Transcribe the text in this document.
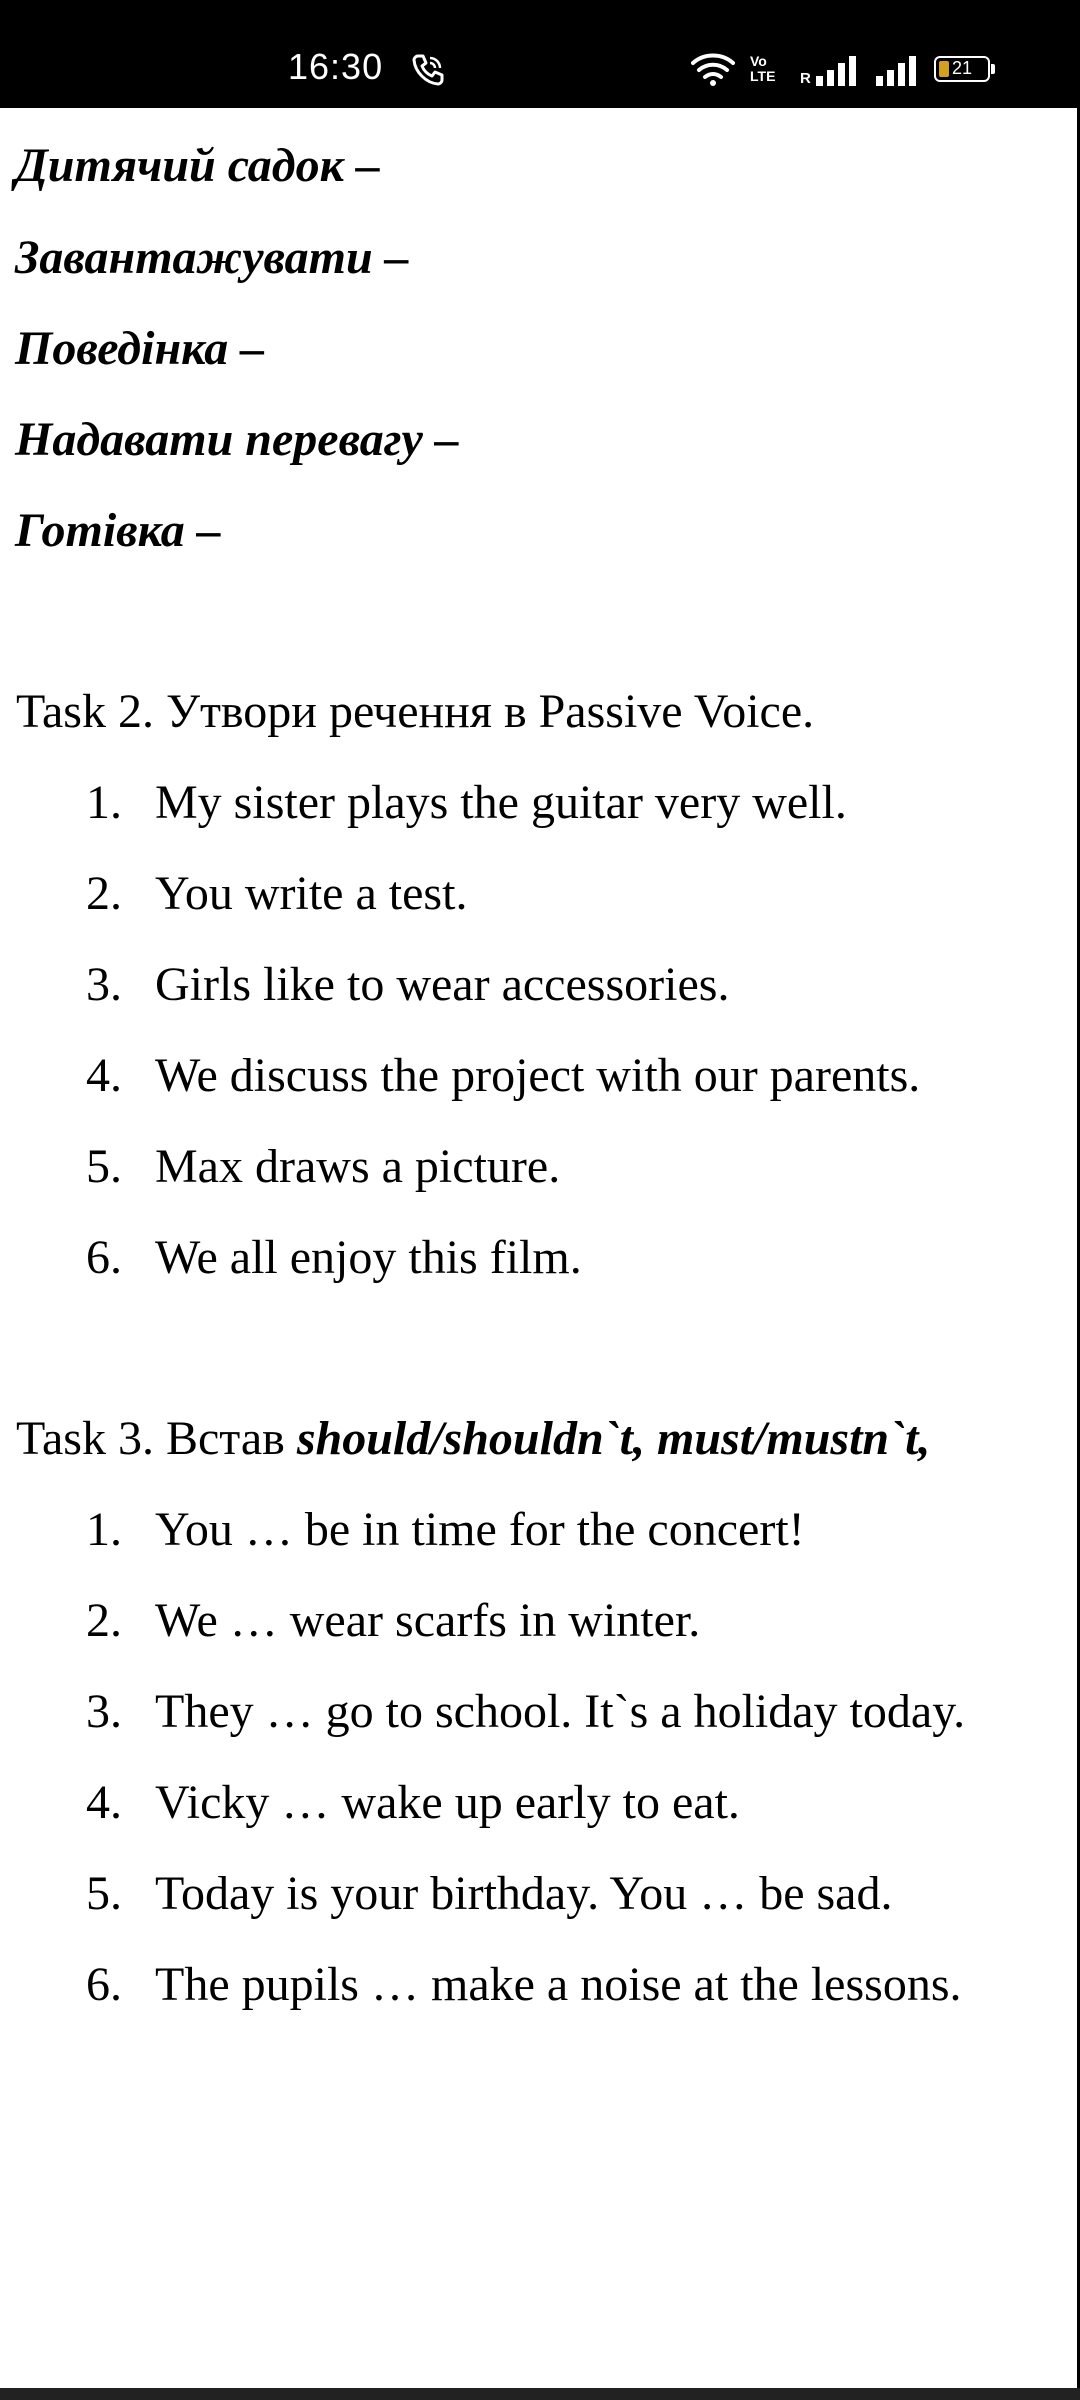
16:30	Vo
LTE R
21
Дитячий садок –
Завантажувати –
Поведінка –
Надавати перевагу –
Готівка –
Task 2. Утвори речення в Passive Voice.
1. My sister plays the guitar very well.
2. You write a test.
3. Girls like to wear accessories.
4. We discuss the project with our parents.
5. Max draws a picture.
6. We all enjoy this film.
Task 3. Встав should/shouldn`t, must/mustn`t,
1. You … be in time for the concert!
2. We … wear scarfs in winter.
3. They … go to school. It`s a holiday today.
4. Vicky … wake up early to eat.
5. Today is your birthday. You … be sad.
6. The pupils … make a noise at the lessons.
